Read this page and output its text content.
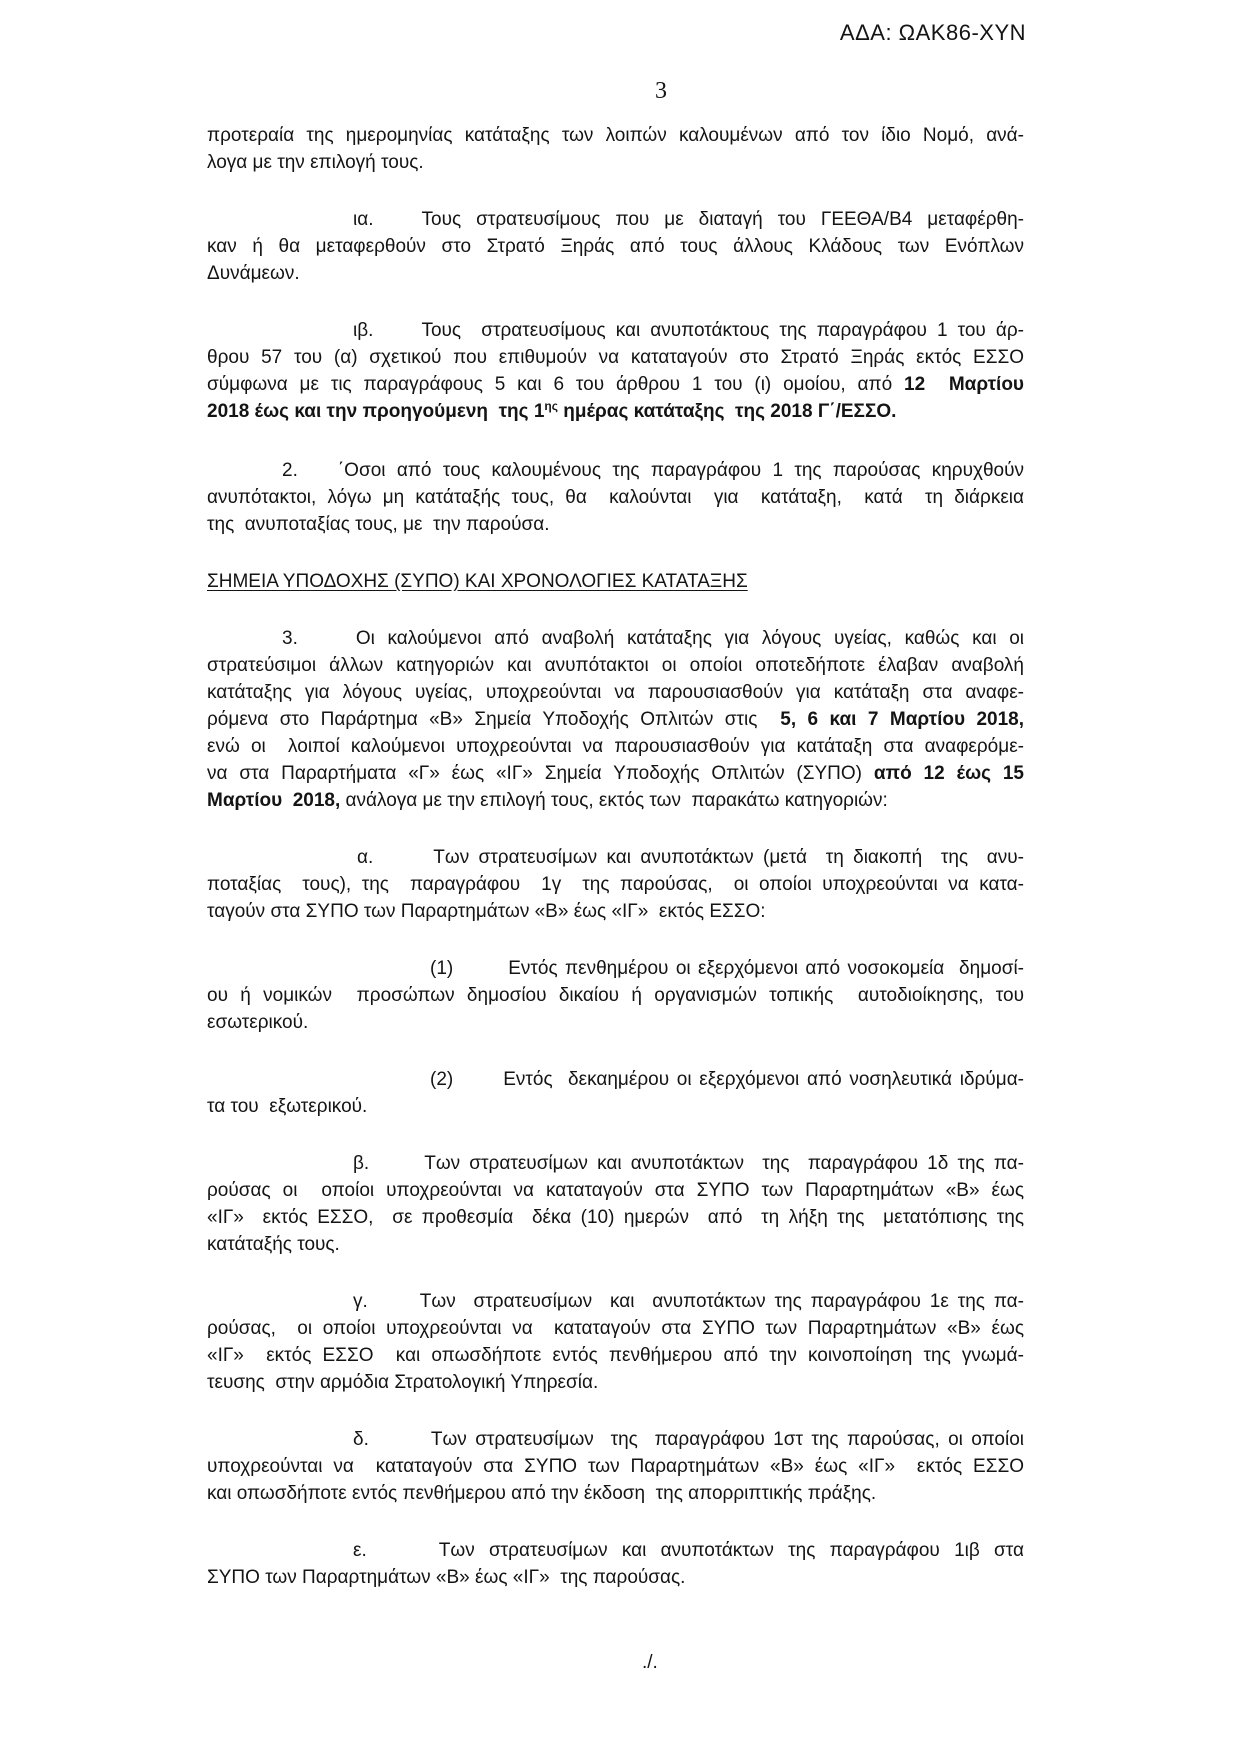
ΑΔΑ: ΩΑΚ86-ΧΥΝ
3
προτεραία της ημερομηνίας κατάταξης των λοιπών καλουμένων από τον ίδιο Νομό, ανά-
λογα με την επιλογή τους.
ια.	Τους στρατευσίμους που με διαταγή του ΓΕΕΘΑ/Β4 μεταφέρθη-
καν ή θα μεταφερθούν στο Στρατό Ξηράς από τους άλλους Κλάδους των Ενόπλων
Δυνάμεων.
ιβ.	Τους  στρατευσίμους και ανυποτάκτους της παραγράφου 1 του άρ-
θρου 57 του (α) σχετικού που επιθυμούν να καταταγούν στο Στρατό Ξηράς εκτός ΕΣΣΟ
σύμφωνα με τις παραγράφους 5 και 6 του άρθρου 1 του (ι) ομοίου, από 12  Μαρτίου
2018 έως και την προηγούμενη  της 1ης ημέρας κατάταξης  της 2018 Γ΄/ΕΣΣΟ.
2. ΄Οσοι από τους καλουμένους της παραγράφου 1 της παρούσας κηρυχθούν
ανυπότακτοι, λόγω μη κατάταξής τους, θα  καλούνται  για  κατάταξη,  κατά  τη διάρκεια
της  ανυποταξίας τους, με  την παρούσα.
ΣΗΜΕΙΑ ΥΠΟΔΟΧΗΣ (ΣΥΠΟ) ΚΑΙ ΧΡΟΝΟΛΟΓΙΕΣ ΚΑΤΑΤΑΞΗΣ
3.	Οι καλούμενοι από αναβολή κατάταξης για λόγους υγείας, καθώς και οι
στρατεύσιμοι άλλων κατηγοριών και ανυπότακτοι οι οποίοι οποτεδήποτε έλαβαν αναβολή
κατάταξης για λόγους υγείας, υποχρεούνται να παρουσιασθούν για κατάταξη στα αναφε-
ρόμενα στο Παράρτημα «Β» Σημεία Υποδοχής Οπλιτών στις  5, 6 και 7 Μαρτίου 2018,
ενώ οι  λοιποί καλούμενοι υποχρεούνται να παρουσιασθούν για κατάταξη στα αναφερόμε-
να στα Παραρτήματα «Γ» έως «ΙΓ» Σημεία Υποδοχής Οπλιτών (ΣΥΠΟ) από 12 έως 15
Μαρτίου  2018, ανάλογα με την επιλογή τους, εκτός των  παρακάτω κατηγοριών:
α.	Των στρατευσίμων και ανυποτάκτων (μετά  τη διακοπή  της  ανυ-
ποταξίας  τους), της  παραγράφου  1γ  της παρούσας,  οι οποίοι υποχρεούνται να κατα-
ταγούν στα ΣΥΠΟ των Παραρτημάτων «Β» έως «ΙΓ»  εκτός ΕΣΣΟ:
(1)	Εντός πενθημέρου οι εξερχόμενοι από νοσοκομεία  δημοσί-
ου ή νομικών  προσώπων δημοσίου δικαίου ή οργανισμών τοπικής  αυτοδιοίκησης, του
εσωτερικού.
(2)	Εντός  δεκαημέρου οι εξερχόμενοι από νοσηλευτικά ιδρύμα-
τα του  εξωτερικού.
β.	Των στρατευσίμων και ανυποτάκτων  της  παραγράφου 1δ της πα-
ρούσας οι  οποίοι υποχρεούνται να καταταγούν στα ΣΥΠΟ των Παραρτημάτων «Β» έως
«ΙΓ»  εκτός ΕΣΣΟ,  σε προθεσμία  δέκα (10) ημερών  από  τη λήξη της  μετατόπισης της
κατάταξής τους.
γ.	Των  στρατευσίμων  και  ανυποτάκτων της παραγράφου 1ε της πα-
ρούσας,  οι οποίοι υποχρεούνται να  καταταγούν στα ΣΥΠΟ των Παραρτημάτων «Β» έως
«ΙΓ»  εκτός ΕΣΣΟ  και οπωσδήποτε εντός πενθήμερου από την κοινοποίηση της γνωμά-
τευσης  στην αρμόδια Στρατολογική Υπηρεσία.
δ.	Των στρατευσίμων  της  παραγράφου 1στ της παρούσας, οι οποίοι
υποχρεούνται να  καταταγούν στα ΣΥΠΟ των Παραρτημάτων «Β» έως «ΙΓ»  εκτός ΕΣΣΟ
και οπωσδήποτε εντός πενθήμερου από την έκδοση  της απορριπτικής πράξης.
ε.	Των στρατευσίμων και ανυποτάκτων της παραγράφου 1ιβ στα
ΣΥΠΟ των Παραρτημάτων «Β» έως «ΙΓ»  της παρούσας.
./.
